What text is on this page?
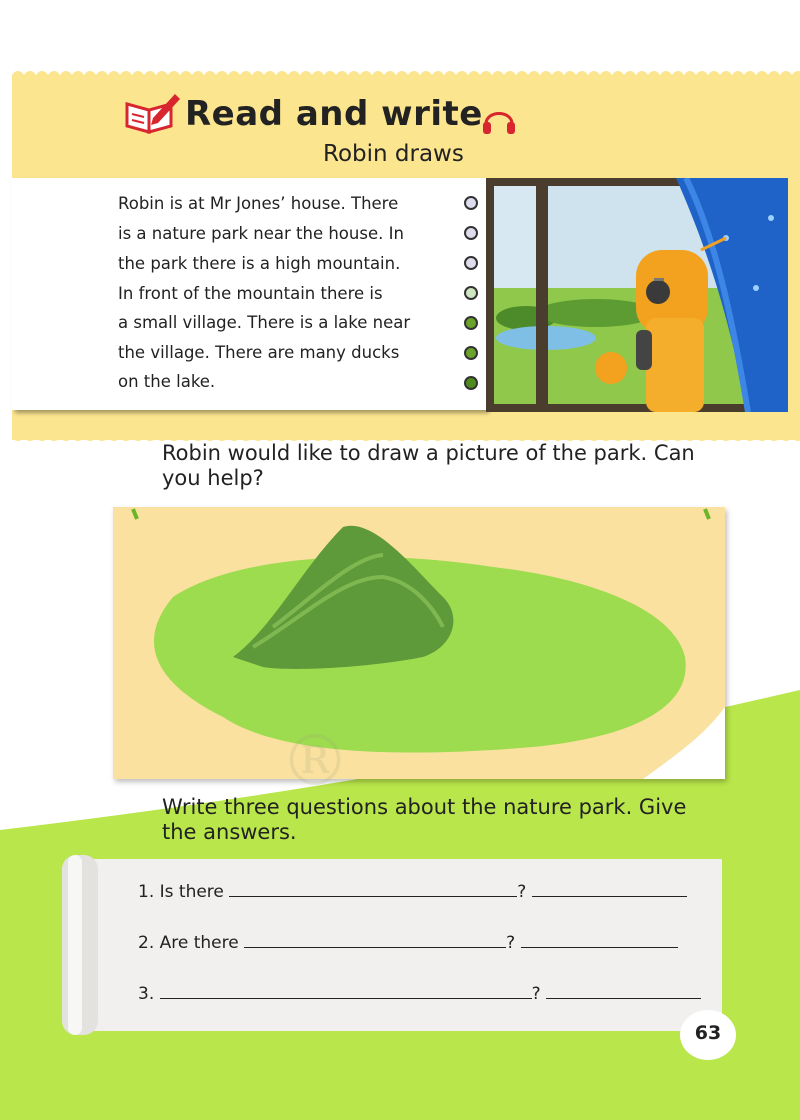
Read and write
Robin draws
Robin is at Mr Jones’ house. There
is a nature park near the house. In
the park there is a high mountain.
In front of the mountain there is
a small village. There is a lake near
the village. There are many ducks
on the lake.
Robin would like to draw a picture of the park. Can
you help?
®
Write three questions about the nature park. Give
the answers.
1. Is there	?
2. Are there	?
3.	?
63
